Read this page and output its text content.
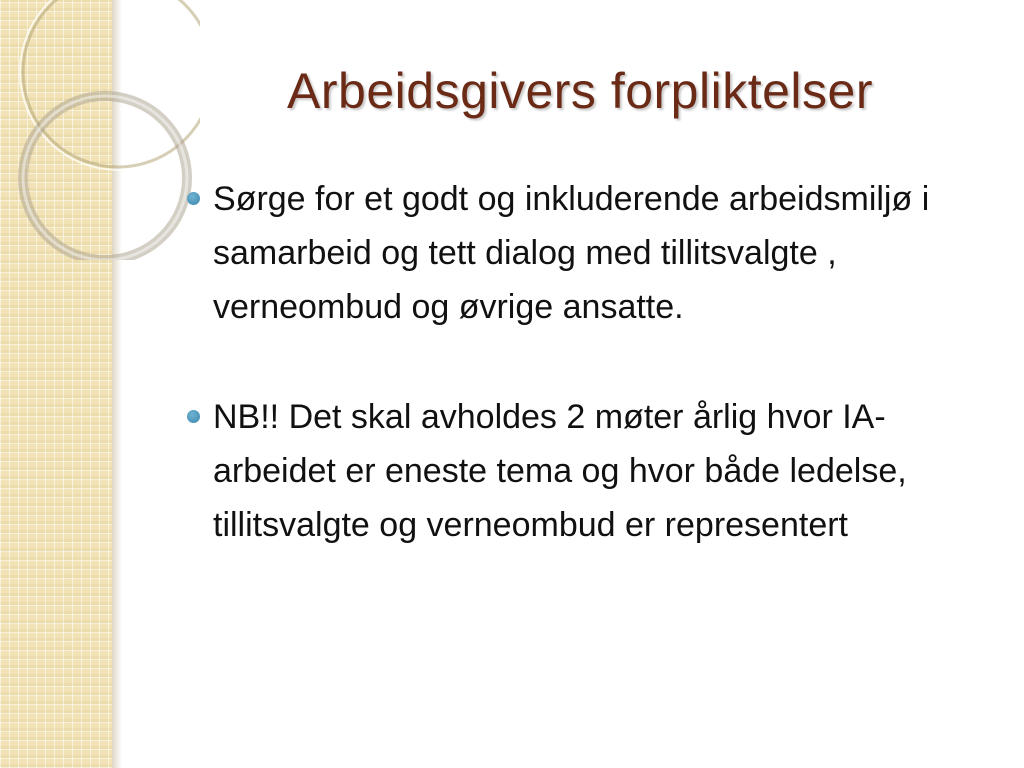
Arbeidsgivers forpliktelser
Sørge for et godt og inkluderende arbeidsmiljø i samarbeid og tett dialog med tillitsvalgte , verneombud og øvrige ansatte.
NB!! Det skal avholdes 2 møter årlig hvor IA-arbeidet er eneste tema og hvor både ledelse, tillitsvalgte og verneombud er representert
